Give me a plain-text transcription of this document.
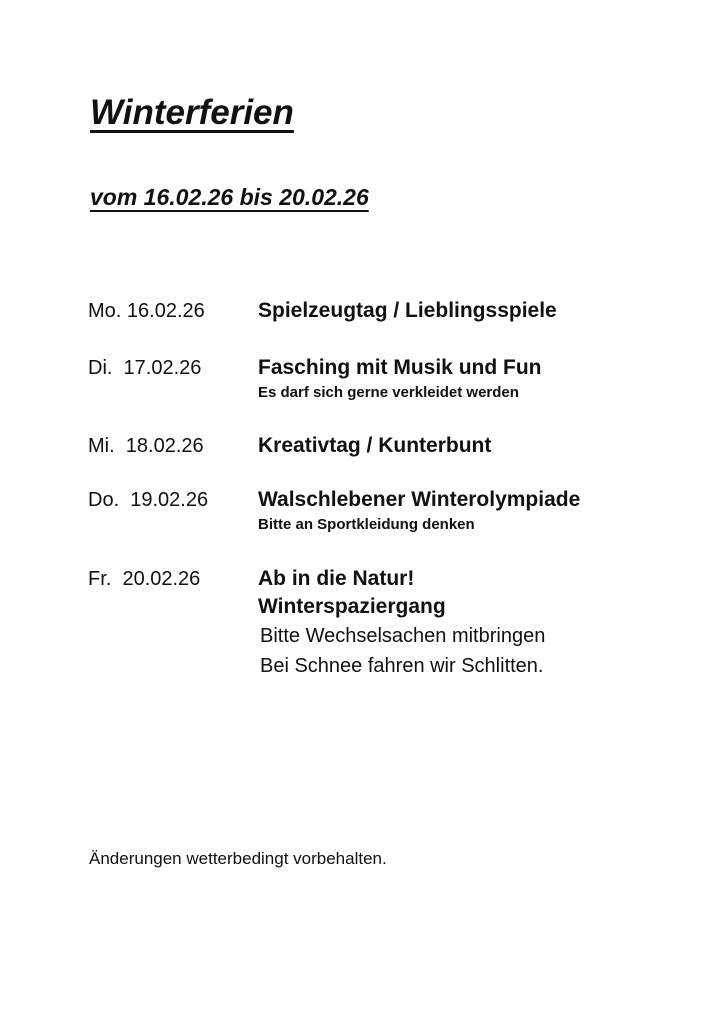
Winterferien
vom 16.02.26 bis 20.02.26
Mo. 16.02.26	Spielzeugtag / Lieblingsspiele
Di.  17.02.26	Fasching mit Musik und Fun
Es darf sich gerne verkleidet werden
Mi.  18.02.26	Kreativtag / Kunterbunt
Do.  19.02.26 Walschlebener Winterolympiade
Bitte an Sportkleidung denken
Fr.  20.02.26	Ab in die Natur!
Winterspaziergang
Bitte Wechselsachen mitbringen
Bei Schnee fahren wir Schlitten.
Änderungen wetterbedingt vorbehalten.
